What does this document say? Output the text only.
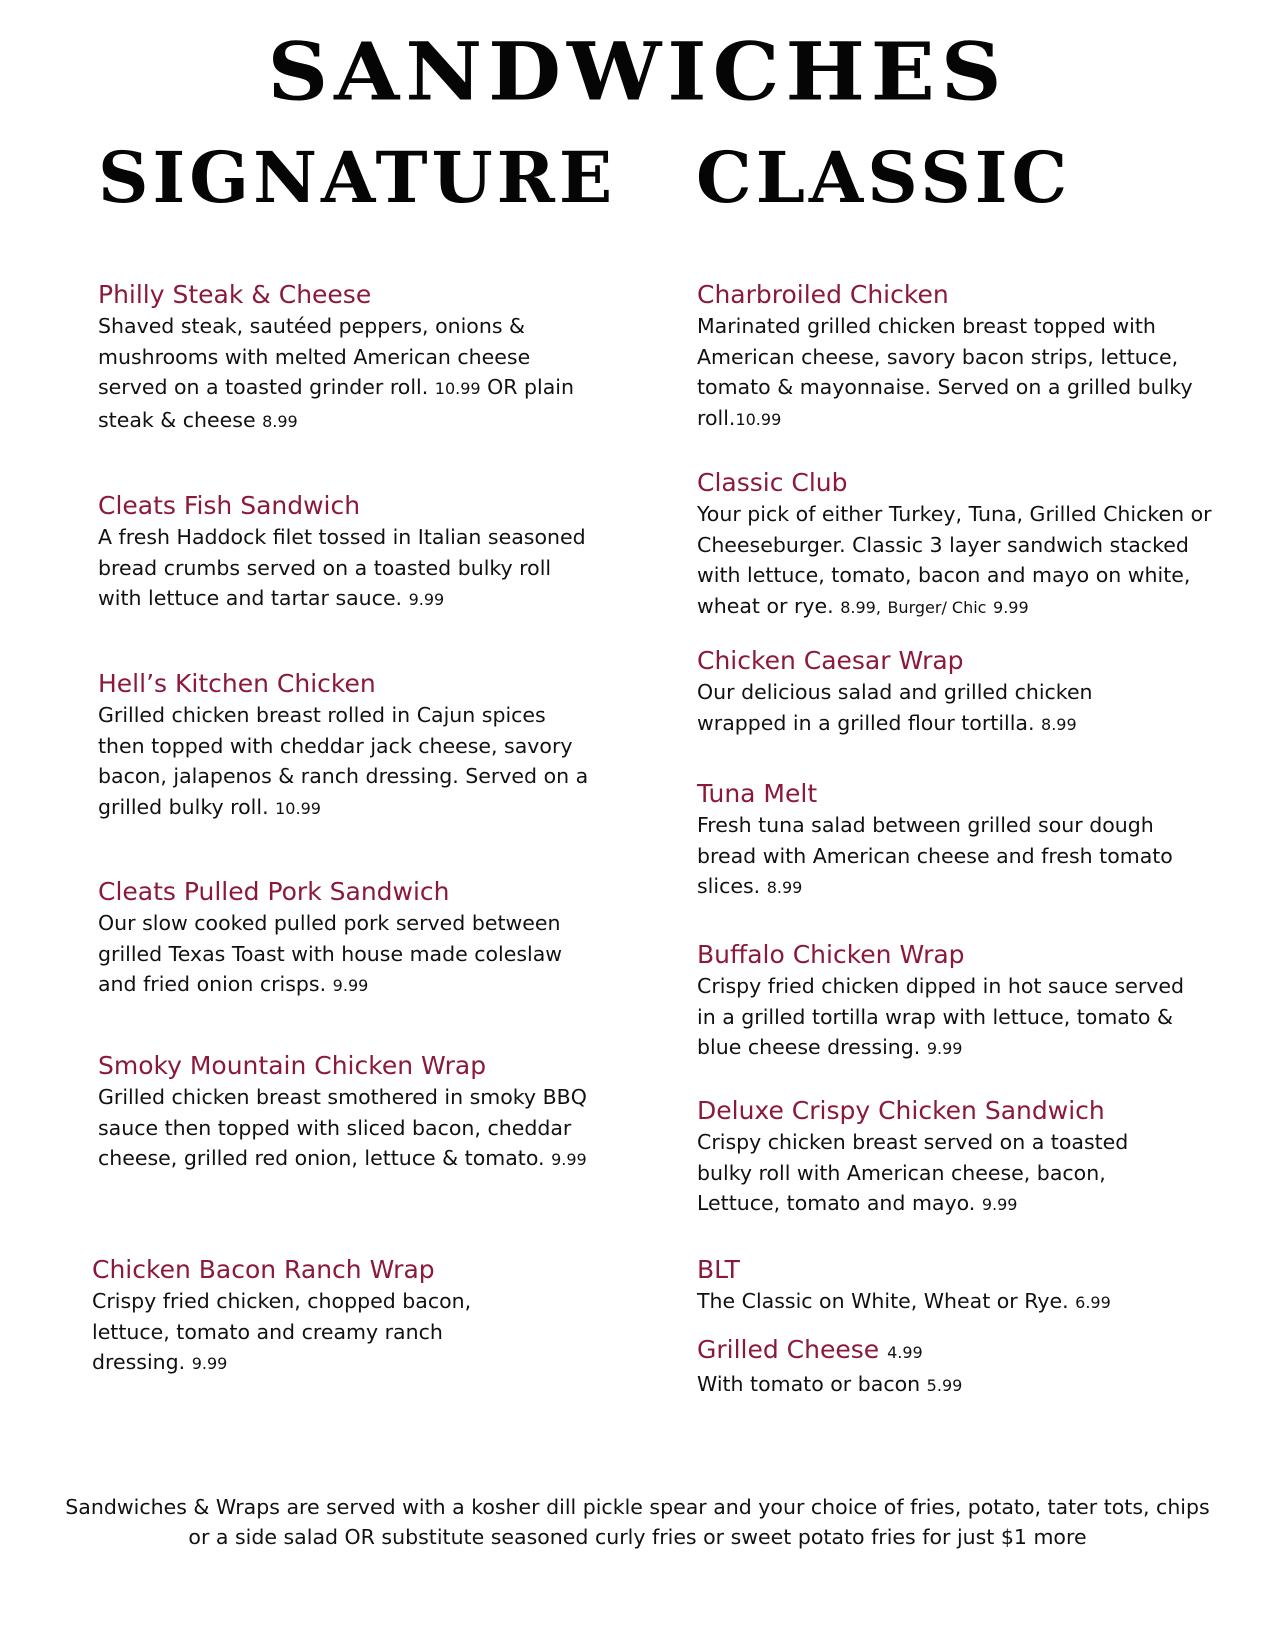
SANDWICHES
SIGNATURE CLASSIC

Philly Steak & Cheese

Shaved steak, sautéed peppers, onions & mushrooms with melted American cheese served on a toasted grinder roll. 10.99 OR plain steak & cheese 8.99

Cleats Fish Sandwich

A fresh Haddock filet tossed in Italian seasoned bread crumbs served on a toasted bulky roll with lettuce and tartar sauce. 9.99

Hell’s Kitchen Chicken

Grilled chicken breast rolled in Cajun spices then topped with cheddar jack cheese, savory bacon, jalapenos & ranch dressing. Served on a grilled bulky roll. 10.99

Cleats Pulled Pork Sandwich

Our slow cooked pulled pork served between grilled Texas Toast with house made coleslaw and fried onion crisps. 9.99

Smoky Mountain Chicken Wrap

Grilled chicken breast smothered in smoky BBQ sauce then topped with sliced bacon, cheddar cheese, grilled red onion, lettuce & tomato. 9.99

Chicken Bacon Ranch Wrap

Crispy fried chicken, chopped bacon, lettuce, tomato and creamy ranch dressing. 9.99

Charbroiled Chicken

Marinated grilled chicken breast topped with American cheese, savory bacon strips, lettuce, tomato & mayonnaise. Served on a grilled bulky roll.10.99

Classic Club

Your pick of either Turkey, Tuna, Grilled Chicken or Cheeseburger. Classic 3 layer sandwich stacked with lettuce, tomato, bacon and mayo on white, wheat or rye. 8.99, Burger/ Chic 9.99

Chicken Caesar Wrap

Our delicious salad and grilled chicken wrapped in a grilled flour tortilla. 8.99

Tuna Melt

Fresh tuna salad between grilled sour dough bread with American cheese and fresh tomato slices. 8.99

Buffalo Chicken Wrap

Crispy fried chicken dipped in hot sauce served in a grilled tortilla wrap with lettuce, tomato & blue cheese dressing. 9.99

Deluxe Crispy Chicken Sandwich

Crispy chicken breast served on a toasted bulky roll with American cheese, bacon, Lettuce, tomato and mayo. 9.99

BLT

The Classic on White, Wheat or Rye. 6.99

Grilled Cheese 4.99

With tomato or bacon 5.99

Sandwiches & Wraps are served with a kosher dill pickle spear and your choice of fries, potato, tater tots, chips or a side salad OR substitute seasoned curly fries or sweet potato fries for just $1 more
